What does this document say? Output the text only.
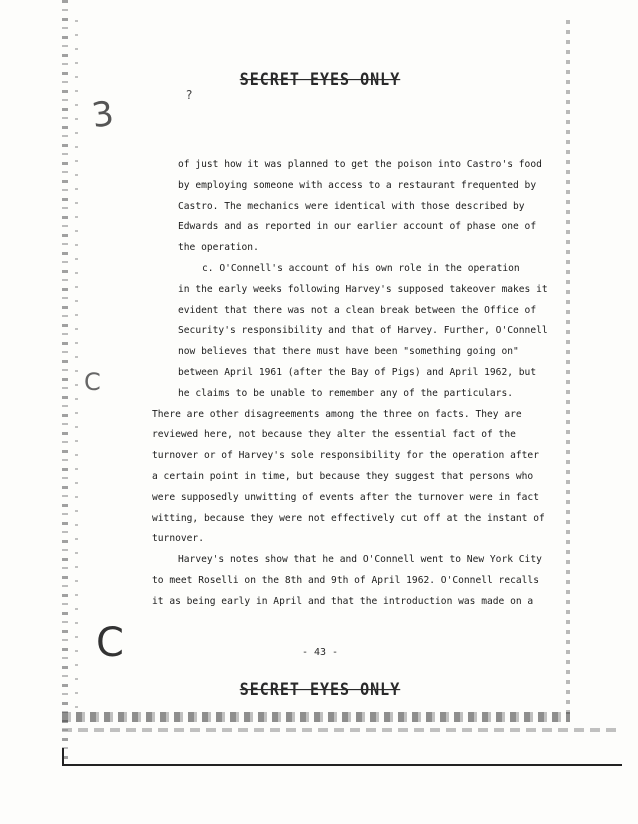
SECRET EYES ONLY
3	?
C
C
of just how it was planned to get the poison into Castro's food
by employing someone with access to a restaurant frequented by
Castro. The mechanics were identical with those described by
Edwards and as reported in our earlier account of phase one of
the operation.
c. O'Connell's account of his own role in the operation
in the early weeks following Harvey's supposed takeover makes it
evident that there was not a clean break between the Office of
Security's responsibility and that of Harvey. Further, O'Connell
now believes that there must have been "something going on"
between April 1961 (after the Bay of Pigs) and April 1962, but
he claims to be unable to remember any of the particulars.
There are other disagreements among the three on facts. They are
reviewed here, not because they alter the essential fact of the
turnover or of Harvey's sole responsibility for the operation after
a certain point in time, but because they suggest that persons who
were supposedly unwitting of events after the turnover were in fact
witting, because they were not effectively cut off at the instant of
turnover.
Harvey's notes show that he and O'Connell went to New York City
to meet Roselli on the 8th and 9th of April 1962. O'Connell recalls
it as being early in April and that the introduction was made on a
- 43 -
SECRET EYES ONLY
